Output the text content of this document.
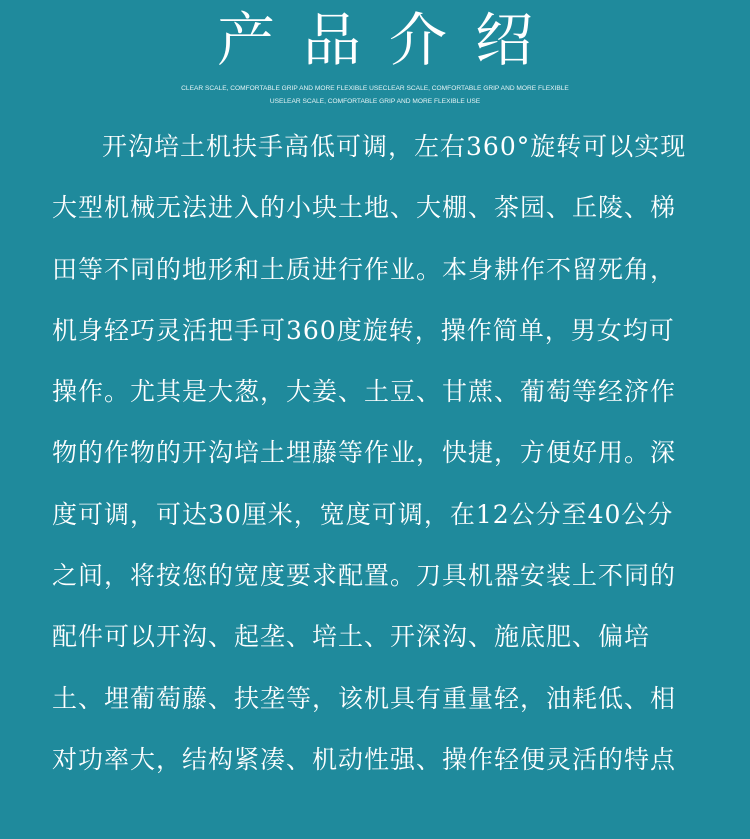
产品介绍
CLEAR SCALE, COMFORTABLE GRIP AND MORE FLEXIBLE USECLEAR SCALE, COMFORTABLE GRIP AND MORE FLEXIBLE
USELEAR SCALE, COMFORTABLE GRIP AND MORE FLEXIBLE USE
开沟培土机扶手高低可调，左右360°旋转可以实现大型机械无法进入的小块土地、大棚、茶园、丘陵、梯田等不同的地形和土质进行作业。本身耕作不留死角，机身轻巧灵活把手可360度旋转，操作简单，男女均可操作。尤其是大葱，大姜、土豆、甘蔗、葡萄等经济作物的作物的开沟培土埋藤等作业，快捷，方便好用。深度可调，可达30厘米，宽度可调，在12公分至40公分之间，将按您的宽度要求配置。刀具机器安装上不同的配件可以开沟、起垄、培土、开深沟、施底肥、偏培土、埋葡萄藤、扶垄等，该机具有重量轻，油耗低、相对功率大，结构紧凑、机动性强、操作轻便灵活的特点
